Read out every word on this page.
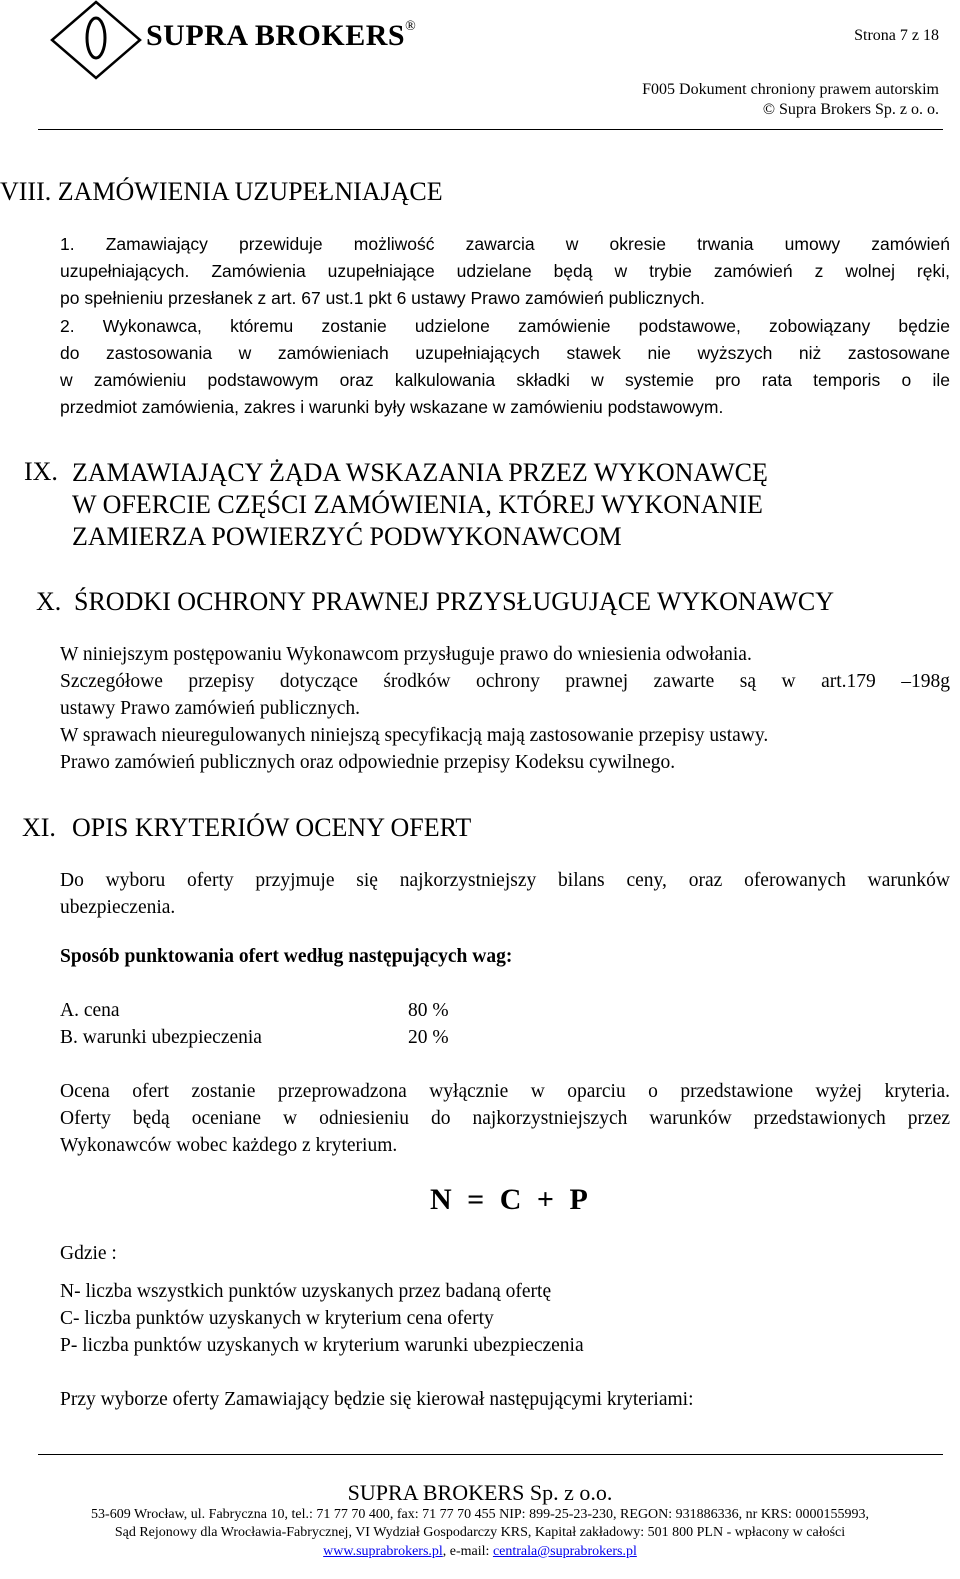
SUPRA BROKERS®
Strona 7 z 18
F005 Dokument chroniony prawem autorskim
© Supra Brokers Sp. z o. o.
VIII. ZAMÓWIENIA UZUPEŁNIAJĄCE
1. Zamawiający przewiduje możliwość zawarcia w okresie trwania umowy zamówień
uzupełniających. Zamówienia uzupełniające udzielane będą w trybie zamówień z wolnej ręki,
po spełnieniu przesłanek z art. 67 ust.1 pkt 6 ustawy Prawo zamówień publicznych.
2. Wykonawca, któremu zostanie udzielone zamówienie podstawowe, zobowiązany będzie
do zastosowania w zamówieniach uzupełniających stawek nie wyższych niż zastosowane
w zamówieniu podstawowym oraz kalkulowania składki w systemie pro rata temporis o ile
przedmiot zamówienia, zakres i warunki były wskazane w zamówieniu podstawowym.
IX. ZAMAWIAJĄCY ŻĄDA WSKAZANIA PRZEZ WYKONAWCĘ
W OFERCIE CZĘŚCI ZAMÓWIENIA, KTÓREJ WYKONANIE
ZAMIERZA POWIERZYĆ PODWYKONAWCOM
X. ŚRODKI OCHRONY PRAWNEJ PRZYSŁUGUJĄCE WYKONAWCY
W niniejszym postępowaniu Wykonawcom przysługuje prawo do wniesienia odwołania.
Szczegółowe przepisy dotyczące środków ochrony prawnej zawarte są w art.179 –198g
ustawy Prawo zamówień publicznych.
W sprawach nieuregulowanych niniejszą specyfikacją mają zastosowanie przepisy ustawy.
Prawo zamówień publicznych oraz odpowiednie przepisy Kodeksu cywilnego.
XI. OPIS KRYTERIÓW OCENY OFERT
Do wyboru oferty przyjmuje się najkorzystniejszy bilans ceny, oraz oferowanych warunków
ubezpieczenia.
Sposób punktowania ofert według następujących wag:
A. cena	80 %
B. warunki ubezpieczenia	20 %
Ocena ofert zostanie przeprowadzona wyłącznie w oparciu o przedstawione wyżej kryteria.
Oferty będą oceniane w odniesieniu do najkorzystniejszych warunków przedstawionych przez
Wykonawców wobec każdego z kryterium.
N = C + P
Gdzie :
N- liczba wszystkich punktów uzyskanych przez badaną ofertę
C- liczba punktów uzyskanych w kryterium cena oferty
P- liczba punktów uzyskanych w kryterium warunki ubezpieczenia
Przy wyborze oferty Zamawiający będzie się kierował następującymi kryteriami:
SUPRA BROKERS Sp. z o.o.
53-609 Wrocław, ul. Fabryczna 10, tel.: 71 77 70 400, fax: 71 77 70 455 NIP: 899-25-23-230, REGON: 931886336, nr KRS: 0000155993,
Sąd Rejonowy dla Wrocławia-Fabrycznej, VI Wydział Gospodarczy KRS, Kapitał zakładowy: 501 800 PLN - wpłacony w całości
www.suprabrokers.pl, e-mail: centrala@suprabrokers.pl
